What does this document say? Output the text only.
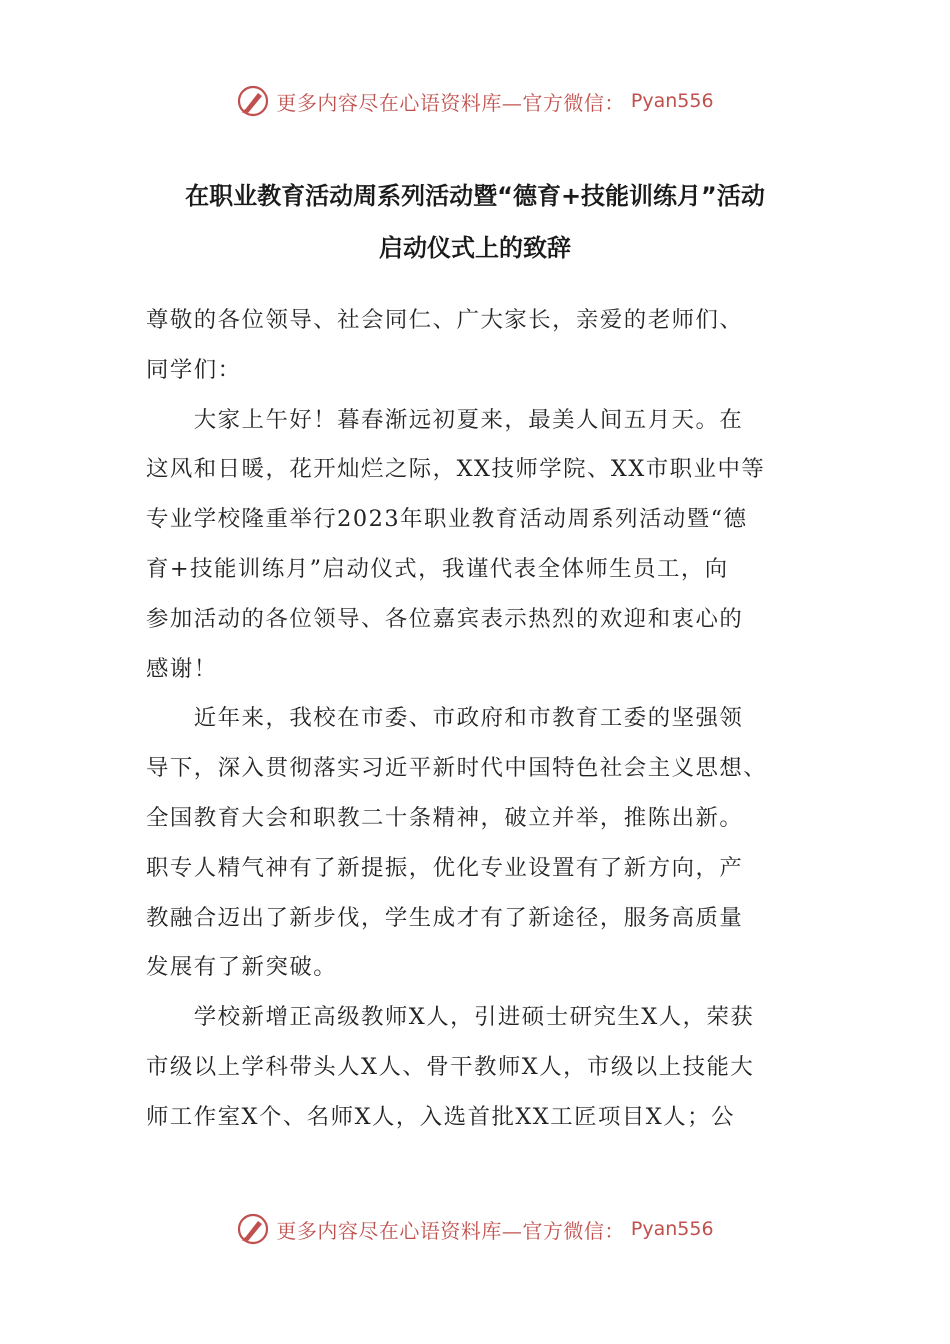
更多内容尽在心语资料库—官方微信： Pyan556
在职业教育活动周系列活动暨“德育+技能训练月”活动
启动仪式上的致辞

尊敬的各位领导、社会同仁、广大家长，亲爱的老师们、
同学们：

　　大家上午好！暮春渐远初夏来，最美人间五月天。在
这风和日暖，花开灿烂之际，XX技师学院、XX市职业中等
专业学校隆重举行2023年职业教育活动周系列活动暨“德
育+技能训练月”启动仪式，我谨代表全体师生员工，向
参加活动的各位领导、各位嘉宾表示热烈的欢迎和衷心的
感谢！

　　近年来，我校在市委、市政府和市教育工委的坚强领
导下，深入贯彻落实习近平新时代中国特色社会主义思想、
全国教育大会和职教二十条精神，破立并举，推陈出新。
职专人精气神有了新提振，优化专业设置有了新方向，产
教融合迈出了新步伐，学生成才有了新途径，服务高质量
发展有了新突破。

　　学校新增正高级教师X人，引进硕士研究生X人，荣获
市级以上学科带头人X人、骨干教师X人，市级以上技能大
师工作室X个、名师X人，入选首批XX工匠项目X人；公

更多内容尽在心语资料库—官方微信： Pyan556
